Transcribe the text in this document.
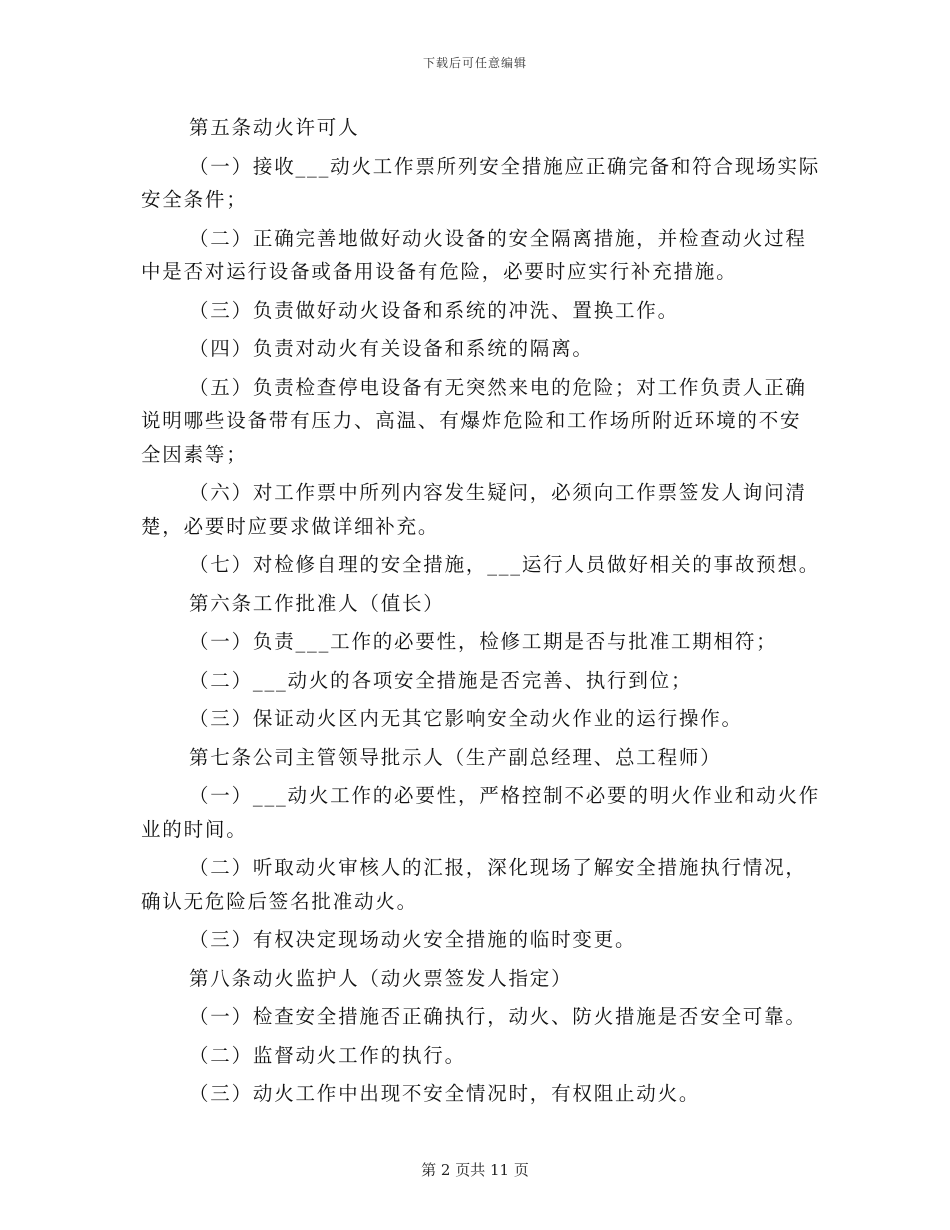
下载后可任意编辑

第五条动火许可人

（一）接收___动火工作票所列安全措施应正确完备和符合现场实际安全条件；

（二）正确完善地做好动火设备的安全隔离措施，并检查动火过程中是否对运行设备或备用设备有危险，必要时应实行补充措施。

（三）负责做好动火设备和系统的冲洗、置换工作。

（四）负责对动火有关设备和系统的隔离。

（五）负责检查停电设备有无突然来电的危险；对工作负责人正确说明哪些设备带有压力、高温、有爆炸危险和工作场所附近环境的不安全因素等；

（六）对工作票中所列内容发生疑问，必须向工作票签发人询问清楚，必要时应要求做详细补充。

（七）对检修自理的安全措施，___运行人员做好相关的事故预想。

第六条工作批准人（值长）

（一）负责___工作的必要性，检修工期是否与批准工期相符；

（二）___动火的各项安全措施是否完善、执行到位；

（三）保证动火区内无其它影响安全动火作业的运行操作。

第七条公司主管领导批示人（生产副总经理、总工程师）

（一）___动火工作的必要性，严格控制不必要的明火作业和动火作业的时间。

（二）听取动火审核人的汇报，深化现场了解安全措施执行情况，确认无危险后签名批准动火。

（三）有权决定现场动火安全措施的临时变更。

第八条动火监护人（动火票签发人指定）

（一）检查安全措施否正确执行，动火、防火措施是否安全可靠。

（二）监督动火工作的执行。

（三）动火工作中出现不安全情况时，有权阻止动火。

第 2 页共 11 页
